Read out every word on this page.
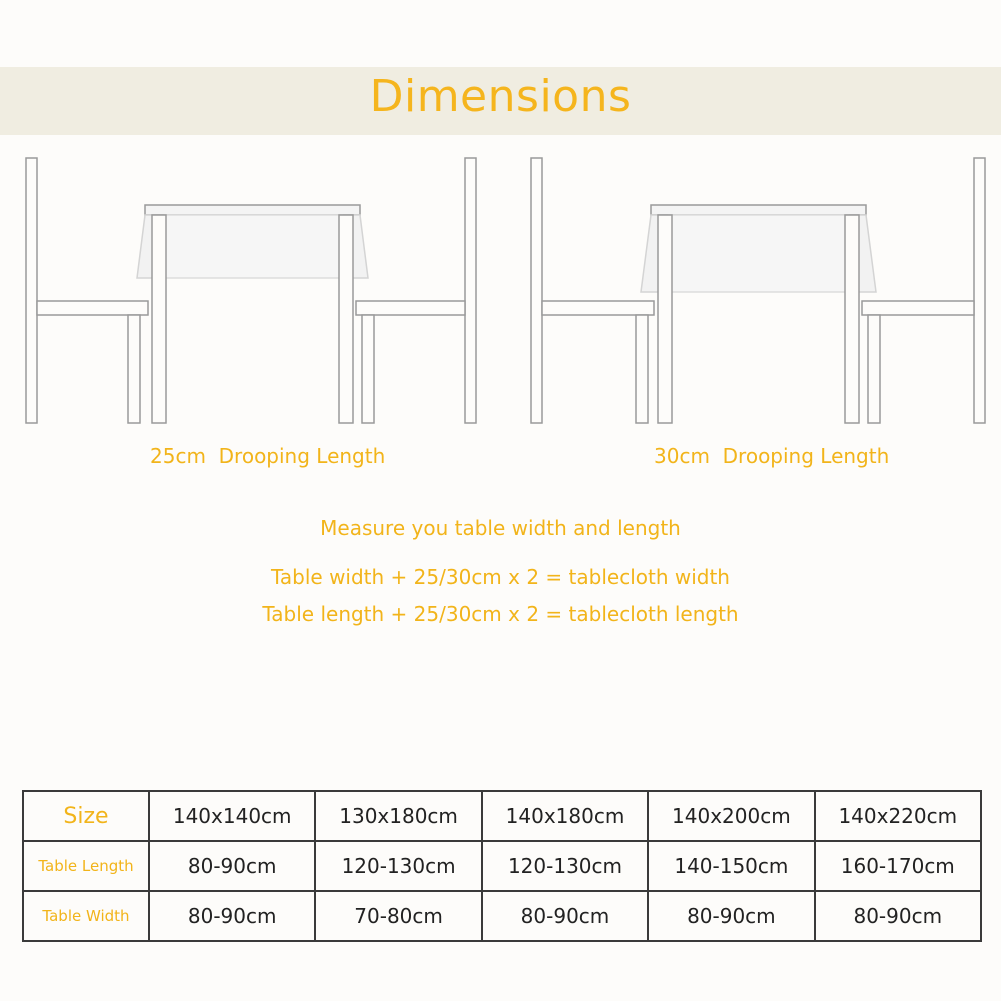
Dimensions
25cm  Drooping Length	30cm  Drooping Length
Measure you table width and length
Table width + 25/30cm x 2 = tablecloth width
Table length + 25/30cm x 2 = tablecloth length
Size	140x140cm	130x180cm	140x180cm	140x200cm	140x220cm
Table Length	80-90cm	120-130cm	120-130cm	140-150cm	160-170cm
Table Width	80-90cm	70-80cm	80-90cm	80-90cm	80-90cm
